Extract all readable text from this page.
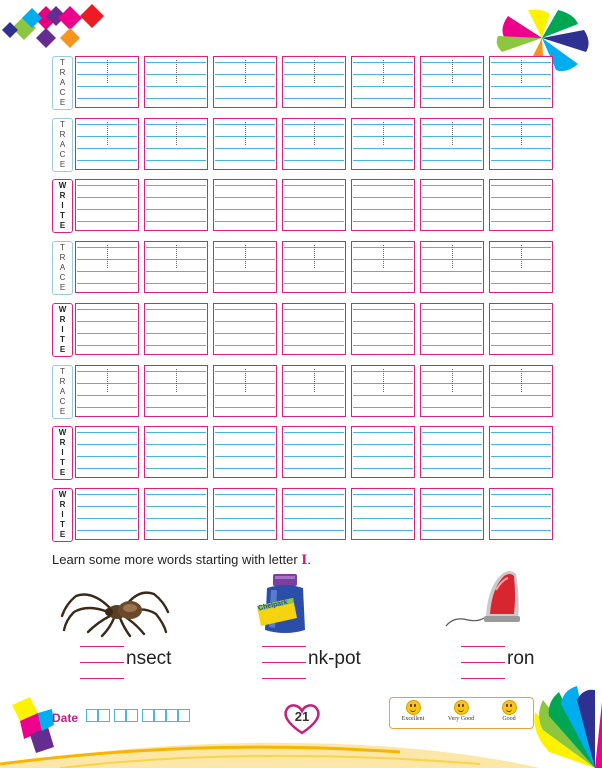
T
R
A
C
E
T
R
A
C
E
W
R
I
T
E
T
R
A
C
E
W
R
I
T
E
T
R
A
C
E
W
R
I
T
E
W
R
I
T
E
Learn some more words starting with letter I.
Chelpark
nsect	nk-pot	ron
Date	21	Excellent	Very Good	Good
